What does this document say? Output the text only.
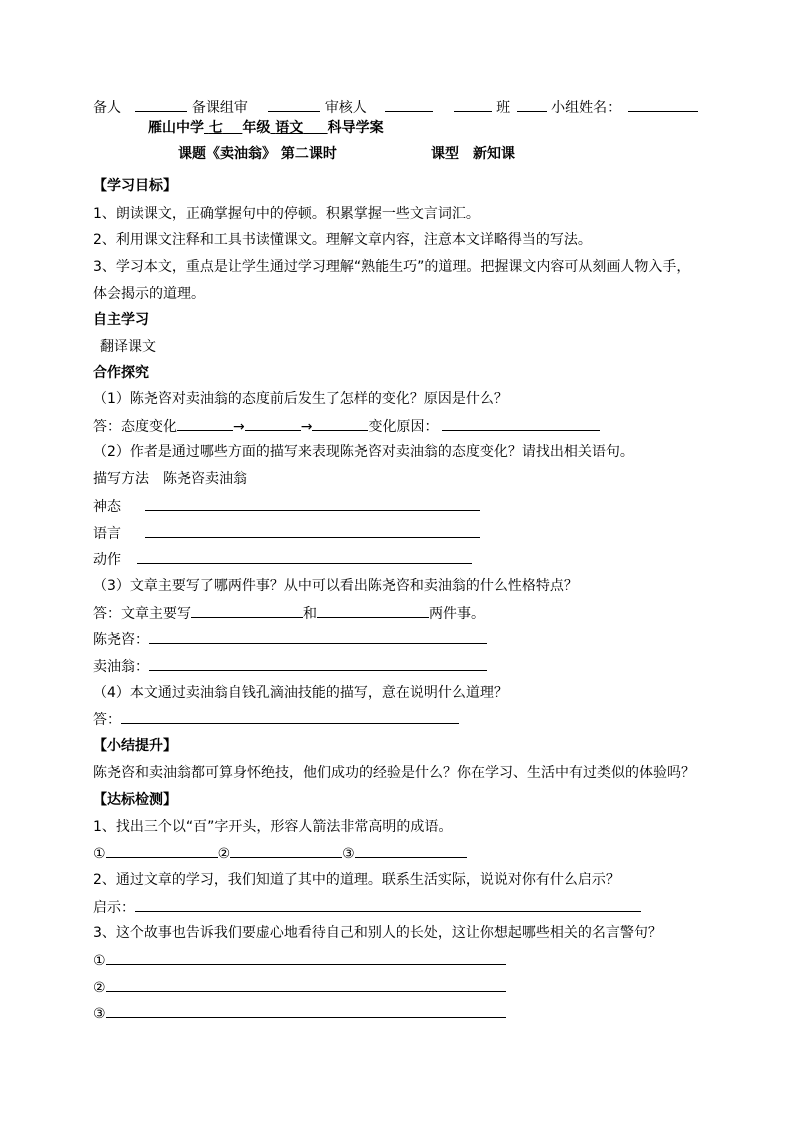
备人	备课组审	审核人	班	小组姓名：
雁山中学 七 年级 语文 科导学案
课题《卖油翁》 第二课时	课型　新知课
【学习目标】
1、朗读课文，正确掌握句中的停顿。积累掌握一些文言词汇。
2、利用课文注释和工具书读懂课文。理解文章内容，注意本文详略得当的写法。
3、学习本文，重点是让学生通过学习理解“熟能生巧”的道理。把握课文内容可从刻画人物入手，
体会揭示的道理。
自主学习
翻译课文
合作探究
（1）陈尧咨对卖油翁的态度前后发生了怎样的变化？原因是什么？
答：态度变化	→	→	变化原因：
（2）作者是通过哪些方面的描写来表现陈尧咨对卖油翁的态度变化？请找出相关语句。
描写方法　陈尧咨卖油翁
神态
语言
动作
（3）文章主要写了哪两件事？从中可以看出陈尧咨和卖油翁的什么性格特点？
答：文章主要写	和	两件事。
陈尧咨：
卖油翁：
（4）本文通过卖油翁自钱孔滴油技能的描写，意在说明什么道理？
答：
【小结提升】
陈尧咨和卖油翁都可算身怀绝技，他们成功的经验是什么？你在学习、生活中有过类似的体验吗？
【达标检测】
1、找出三个以“百”字开头，形容人箭法非常高明的成语。
①	②	③
2、通过文章的学习，我们知道了其中的道理。联系生活实际，说说对你有什么启示？
启示：
3、这个故事也告诉我们要虚心地看待自己和别人的长处，这让你想起哪些相关的名言警句？
①
②
③
